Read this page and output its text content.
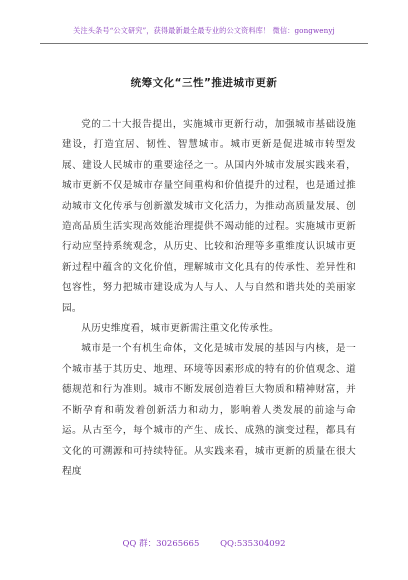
关注头条号“公文研究”，获得最新最全最专业的公文资料库！ 微信：gongwenyj
统筹文化“三性”推进城市更新

党的二十大报告提出，实施城市更新行动，加强城市基础设施建设，打造宜居、韧性、智慧城市。城市更新是促进城市转型发展、建设人民城市的重要途径之一。从国内外城市发展实践来看，城市更新不仅是城市存量空间重构和价值提升的过程，也是通过推动城市文化传承与创新激发城市文化活力，为推动高质量发展、创造高品质生活实现高效能治理提供不竭动能的过程。实施城市更新行动应坚持系统观念，从历史、比较和治理等多重维度认识城市更新过程中蕴含的文化价值，理解城市文化具有的传承性、差异性和包容性，努力把城市建设成为人与人、人与自然和谐共处的美丽家园。

从历史维度看，城市更新需注重文化传承性。

城市是一个有机生命体，文化是城市发展的基因与内核，是一个城市基于其历史、地理、环境等因素形成的特有的价值观念、道德规范和行为准则。城市不断发展创造着巨大物质和精神财富，并不断孕育和萌发着创新活力和动力，影响着人类发展的前途与命运。从古至今，每个城市的产生、成长、成熟的演变过程，都具有文化的可溯源和可持续特征。从实践来看，城市更新的质量在很大程度

QQ 群：30265665 QQ:535304092
